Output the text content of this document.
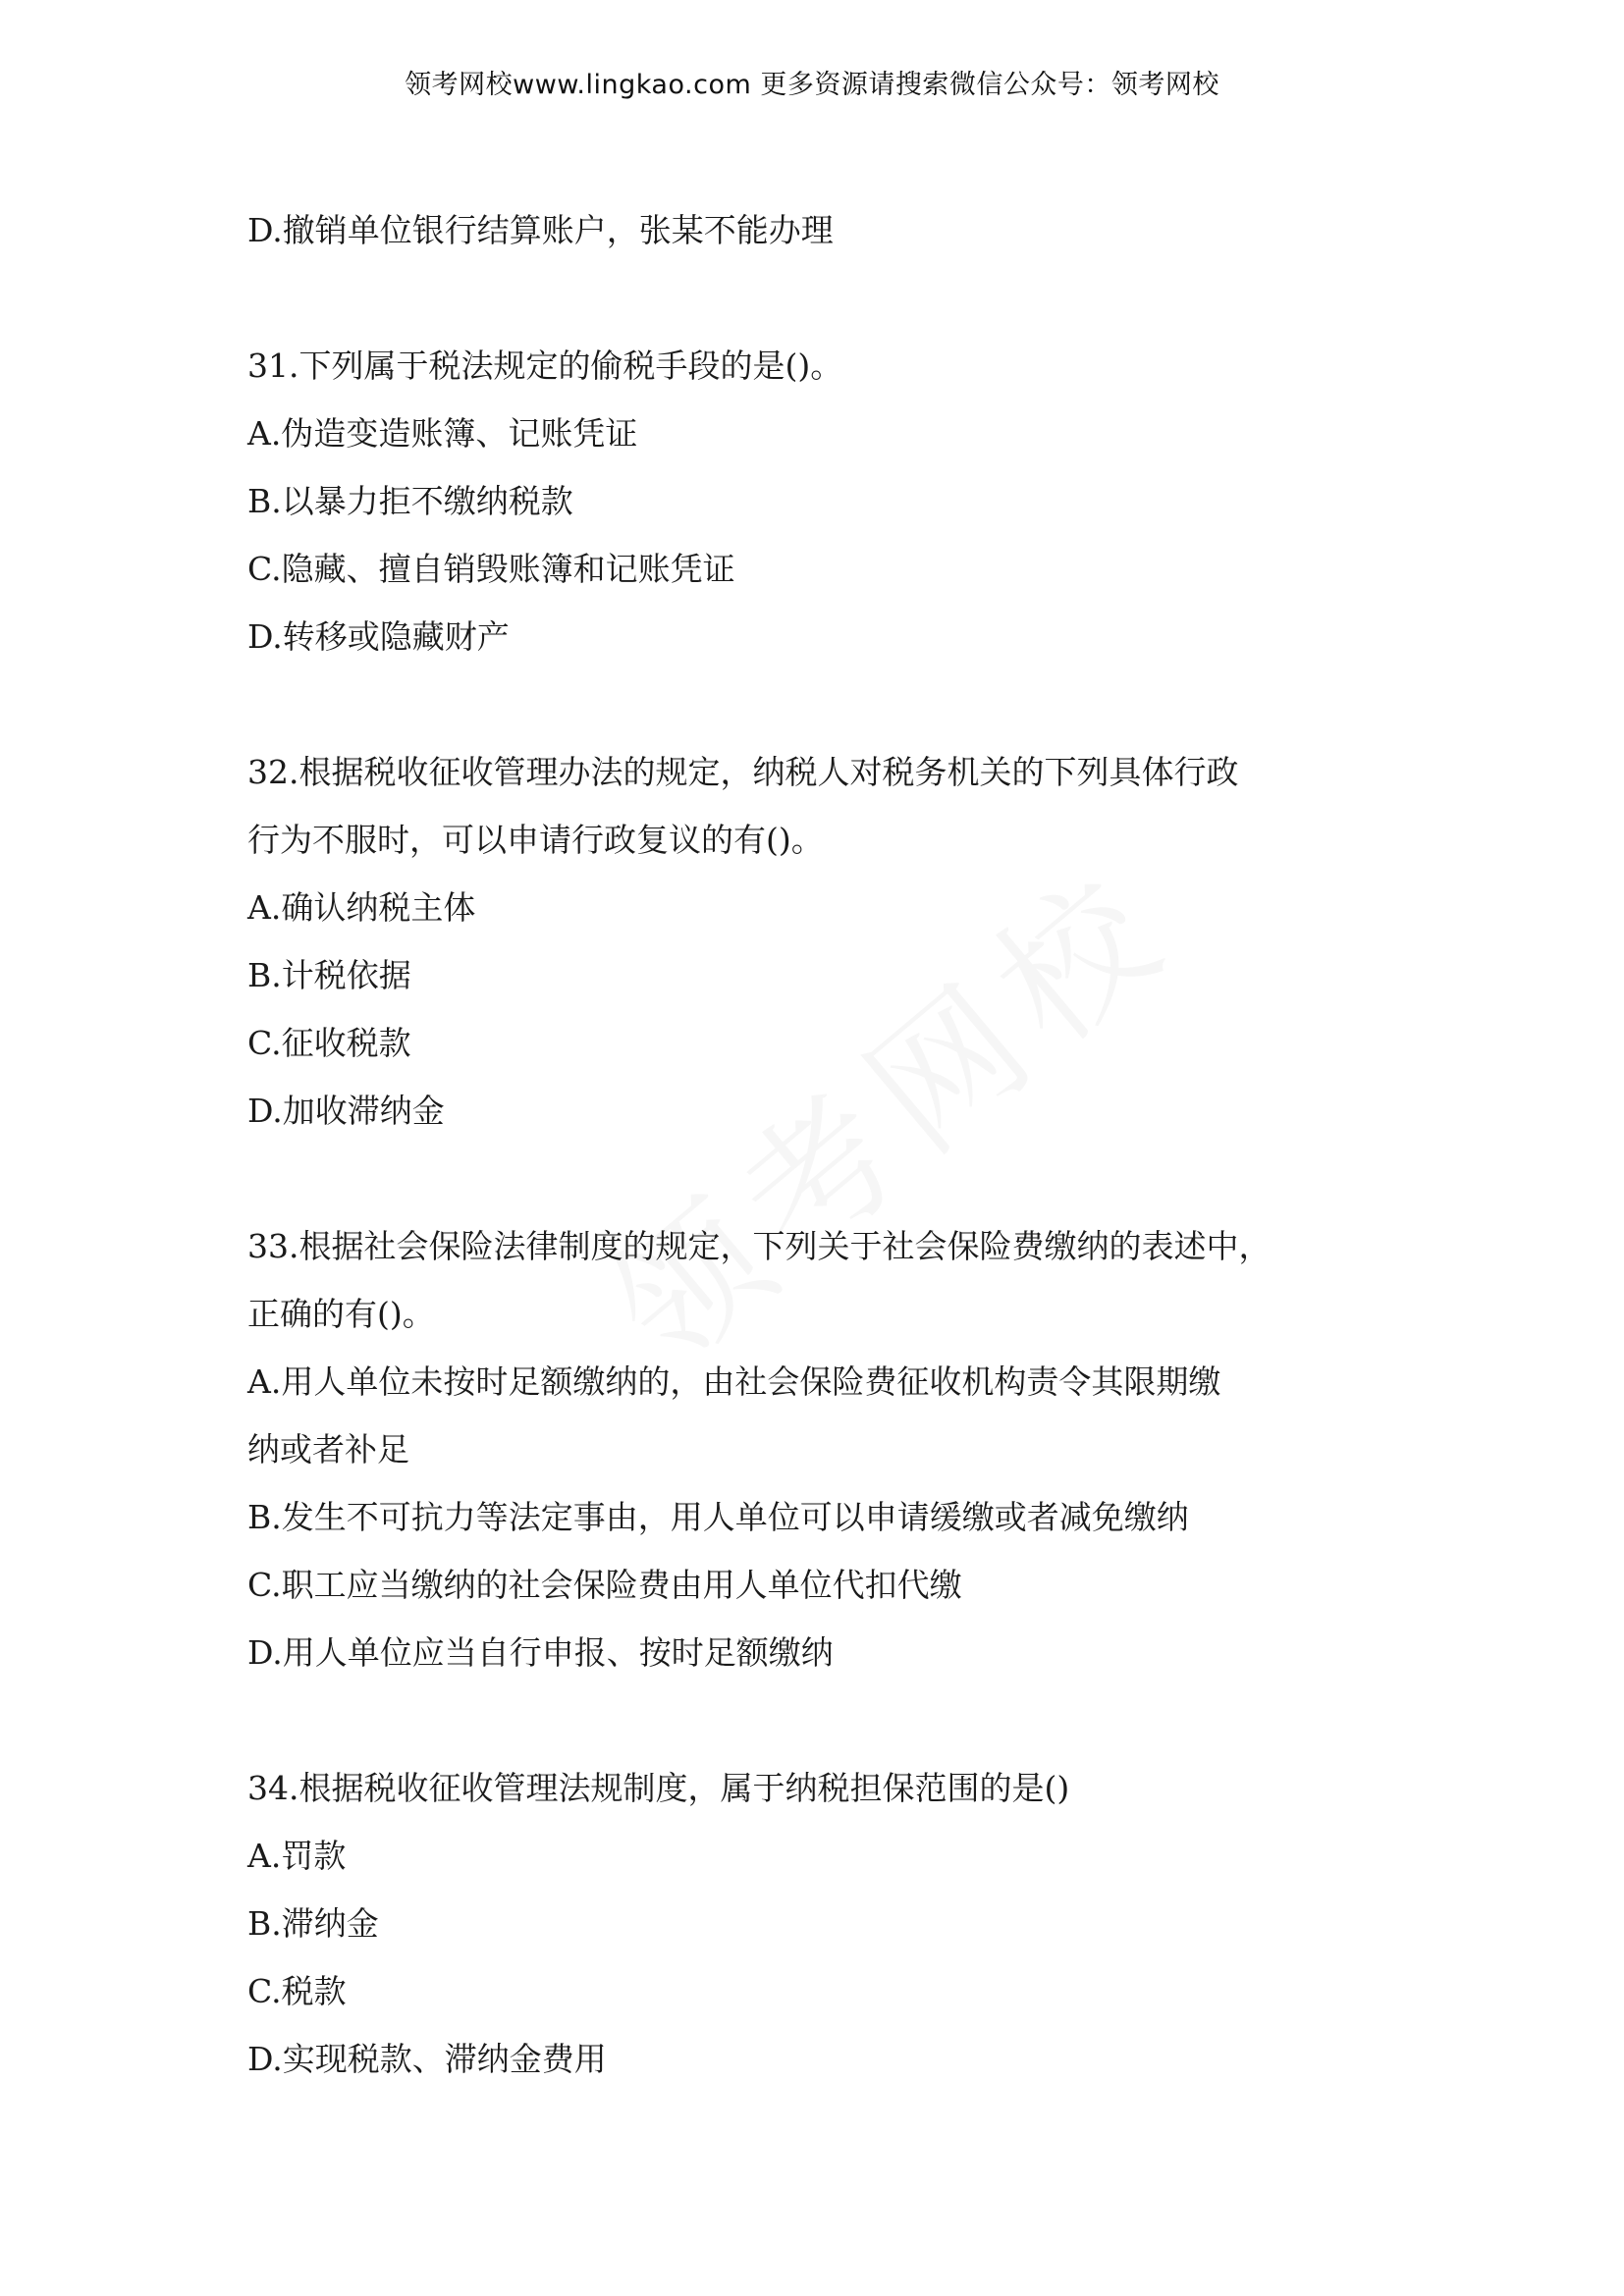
领考网校www.lingkao.com 更多资源请搜索微信公众号：领考网校
D.撤销单位银行结算账户，张某不能办理
31.下列属于税法规定的偷税手段的是()。
A.伪造变造账簿、记账凭证
B.以暴力拒不缴纳税款
C.隐藏、擅自销毁账簿和记账凭证
D.转移或隐藏财产
32.根据税收征收管理办法的规定，纳税人对税务机关的下列具体行政
行为不服时，可以申请行政复议的有()。
A.确认纳税主体
B.计税依据
C.征收税款
D.加收滞纳金
33.根据社会保险法律制度的规定，下列关于社会保险费缴纳的表述中，
正确的有()。
A.用人单位未按时足额缴纳的，由社会保险费征收机构责令其限期缴
纳或者补足
B.发生不可抗力等法定事由，用人单位可以申请缓缴或者减免缴纳
C.职工应当缴纳的社会保险费由用人单位代扣代缴
D.用人单位应当自行申报、按时足额缴纳
34.根据税收征收管理法规制度，属于纳税担保范围的是()
A.罚款
B.滞纳金
C.税款
D.实现税款、滞纳金费用
